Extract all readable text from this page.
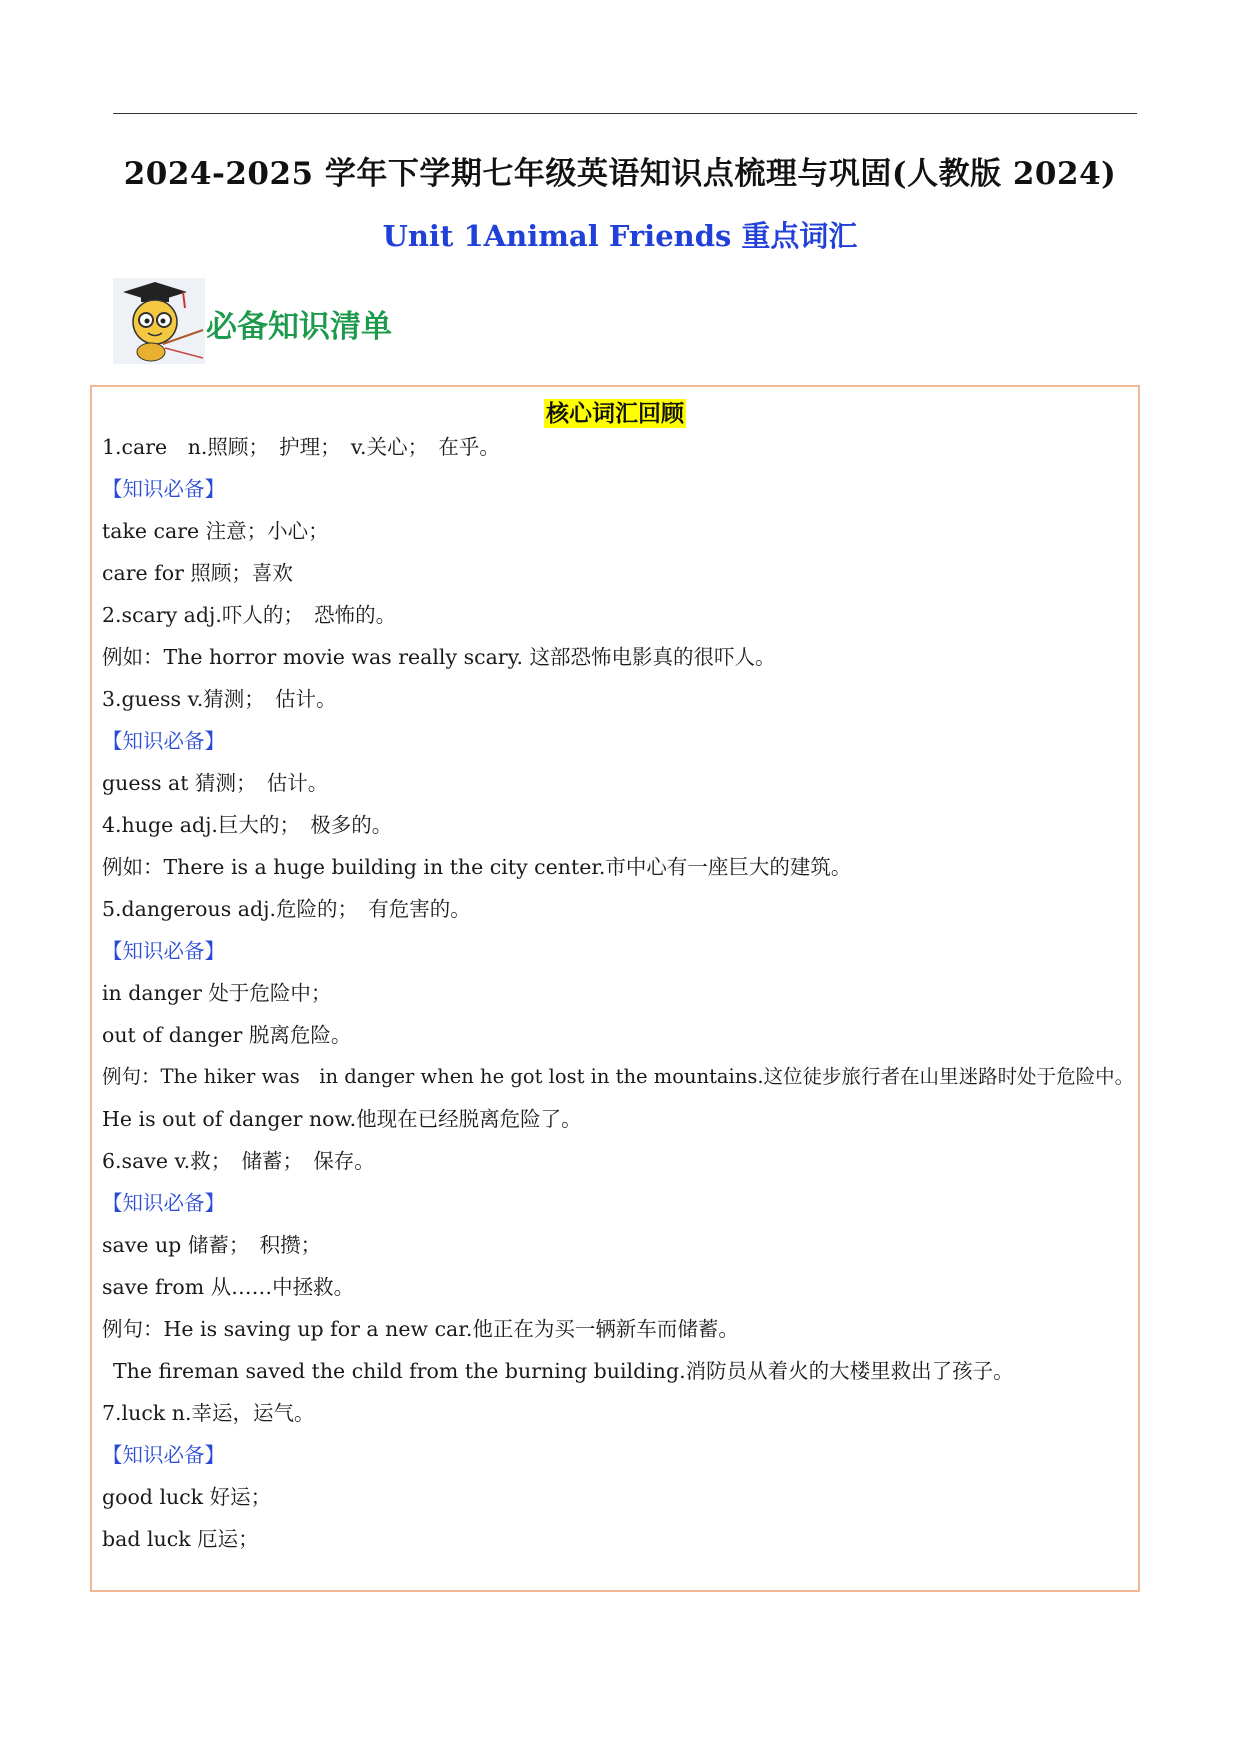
2024-2025 学年下学期七年级英语知识点梳理与巩固(人教版 2024)
Unit 1Animal Friends 重点词汇
必备知识清单
核心词汇回顾
1.care　n.照顾；　护理；　v.关心；　在乎。
【知识必备】
take care 注意；小心；
care for 照顾；喜欢
2.scary adj.吓人的；　恐怖的。
例如：The horror movie was really scary. 这部恐怖电影真的很吓人。
3.guess v.猜测；　估计。
【知识必备】
guess at 猜测；　估计。
4.huge adj.巨大的；　极多的。
例如：There is a huge building in the city center.市中心有一座巨大的建筑。
5.dangerous adj.危险的；　有危害的。
【知识必备】
in danger 处于危险中；
out of danger 脱离危险。
例句：The hiker was　in danger when he got lost in the mountains.这位徒步旅行者在山里迷路时处于危险中。
He is out of danger now.他现在已经脱离危险了。
6.save v.救；　储蓄；　保存。
【知识必备】
save up 储蓄；　积攒；
save from 从……中拯救。
例句：He is saving up for a new car.他正在为买一辆新车而储蓄。
The fireman saved the child from the burning building.消防员从着火的大楼里救出了孩子。
7.luck n.幸运，运气。
【知识必备】
good luck 好运；
bad luck 厄运；
